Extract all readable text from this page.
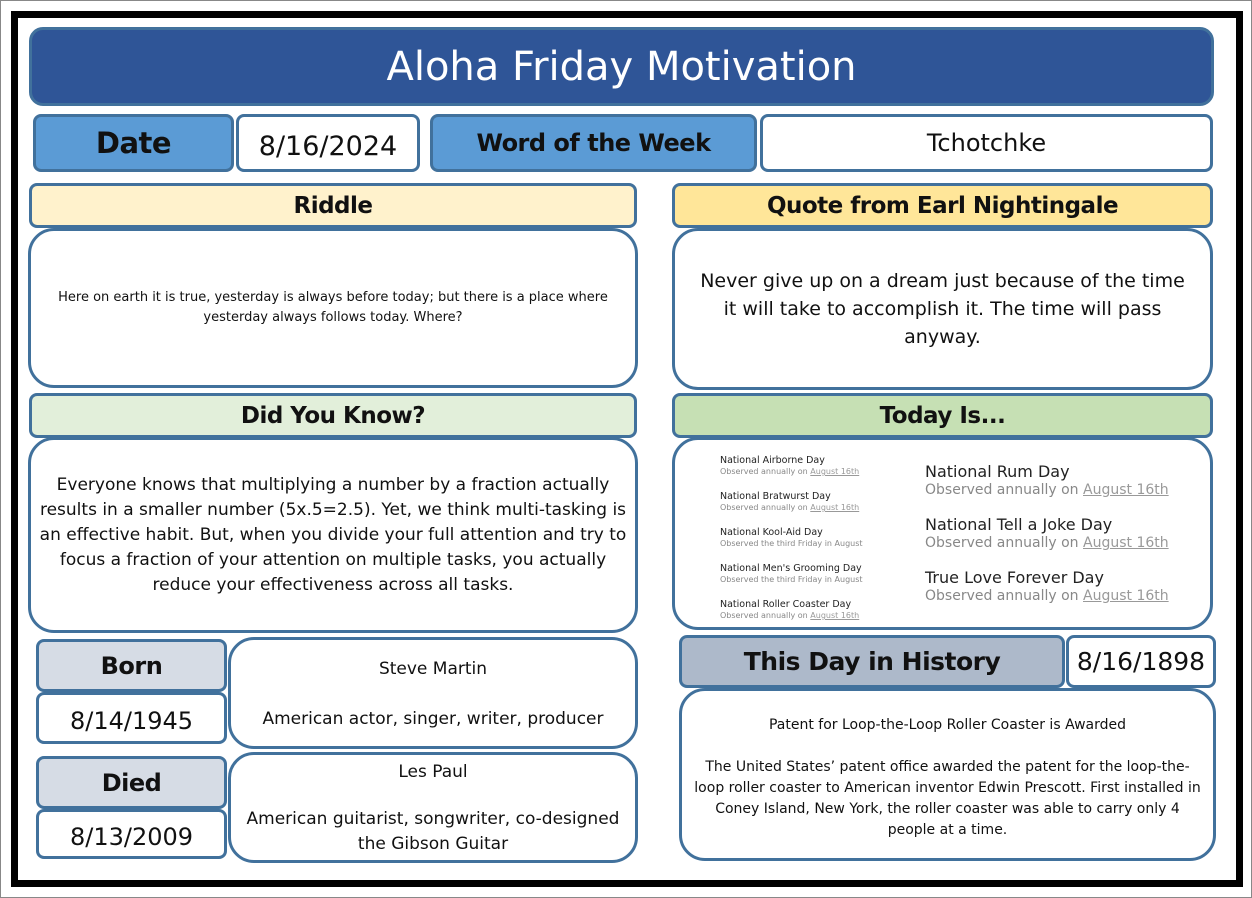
Aloha Friday Motivation
Date	8/16/2024	Word of the Week	Tchotchke
Riddle
Here on earth it is true, yesterday is always before today; but there is a place where yesterday always follows today. Where?
Quote from Earl Nightingale
Never give up on a dream just because of the time it will take to accomplish it. The time will pass anyway.
Did You Know?
Everyone knows that multiplying a number by a fraction actually results in a smaller number (5x.5=2.5). Yet, we think multi-tasking is an effective habit. But, when you divide your full attention and try to focus a fraction of your attention on multiple tasks, you actually reduce your effectiveness across all tasks.
Today Is...
National Airborne Day
Observed annually on August 16th
National Bratwurst Day
Observed annually on August 16th
National Kool-Aid Day
Observed the third Friday in August
National Men's Grooming Day
Observed the third Friday in August
National Roller Coaster Day
Observed annually on August 16th
National Rum Day
Observed annually on August 16th
National Tell a Joke Day
Observed annually on August 16th
True Love Forever Day
Observed annually on August 16th
Born
8/14/1945
Steve Martin
American actor, singer, writer, producer
Died
8/13/2009
Les Paul
American guitarist, songwriter, co-designed the Gibson Guitar
This Day in History	8/16/1898
Patent for Loop-the-Loop Roller Coaster is Awarded
The United States’ patent office awarded the patent for the loop-the-loop roller coaster to American inventor Edwin Prescott. First installed in Coney Island, New York, the roller coaster was able to carry only 4 people at a time.
